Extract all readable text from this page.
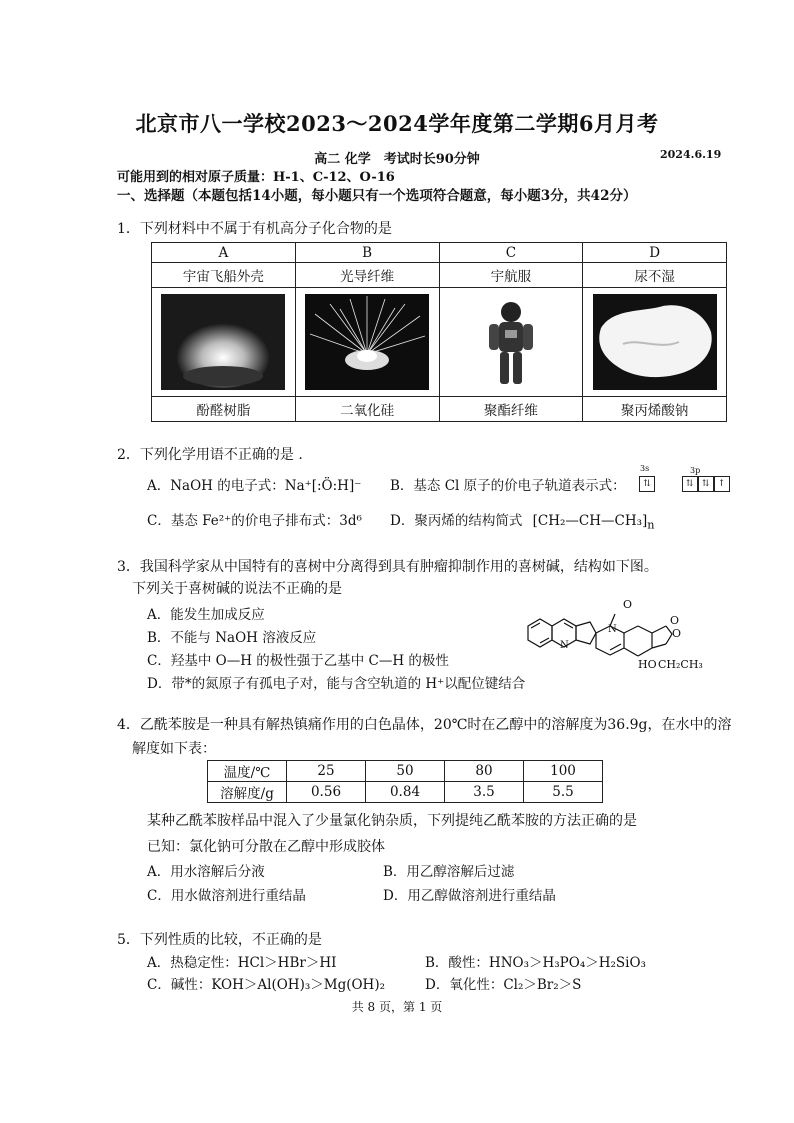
北京市八一学校2023～2024学年度第二学期6月月考
高二 化学　考试时长90分钟	2024.6.19
可能用到的相对原子质量：H-1、C-12、O-16
一、选择题（本题包括14小题，每小题只有一个选项符合题意，每小题3分，共42分）
1．下列材料中不属于有机高分子化合物的是
A	B	C	D
宇宙飞船外壳	光导纤维	宇航服	尿不湿

酚醛树脂	二氧化硅	聚酯纤维	聚丙烯酸钠
2．下列化学用语不正确的是 .
A．NaOH 的电子式：Na⁺[:Ö:H]⁻ B．基态 Cl 原子的价电子轨道表示式：
3s	3p
⇅	⇅ ⇅ ↑
C．基态 Fe²⁺的价电子排布式：3d⁶ D．聚丙烯的结构简式 $[CH_2—CH—CH_3]_n$
3．我国科学家从中国特有的喜树中分离得到具有肿瘤抑制作用的喜树碱，结构如下图。
下列关于喜树碱的说法不正确的是
A．能发生加成反应
B．不能与 NaOH 溶液反应
C．羟基中 O—H 的极性强于乙基中 C—H 的极性
D．带*的氮原子有孤电子对，能与含空轨道的 H⁺以配位键结合
O
O
O
N
N
HO CH₂CH₃
4．乙酰苯胺是一种具有解热镇痛作用的白色晶体，20℃时在乙醇中的溶解度为36.9g，在水中的溶
解度如下表：
温度/℃	25	50	80	100
溶解度/g	0.56	0.84	3.5	5.5
某种乙酰苯胺样品中混入了少量氯化钠杂质，下列提纯乙酰苯胺的方法正确的是
已知：氯化钠可分散在乙醇中形成胶体
A．用水溶解后分液	B．用乙醇溶解后过滤
C．用水做溶剂进行重结晶	D．用乙醇做溶剂进行重结晶
5．下列性质的比较，不正确的是
A．热稳定性：HCl＞HBr＞HI	B．酸性：HNO₃＞H₃PO₄＞H₂SiO₃
C．碱性：KOH＞Al(OH)₃＞Mg(OH)₂	D．氧化性：Cl₂＞Br₂＞S
共 8 页，第 1 页
